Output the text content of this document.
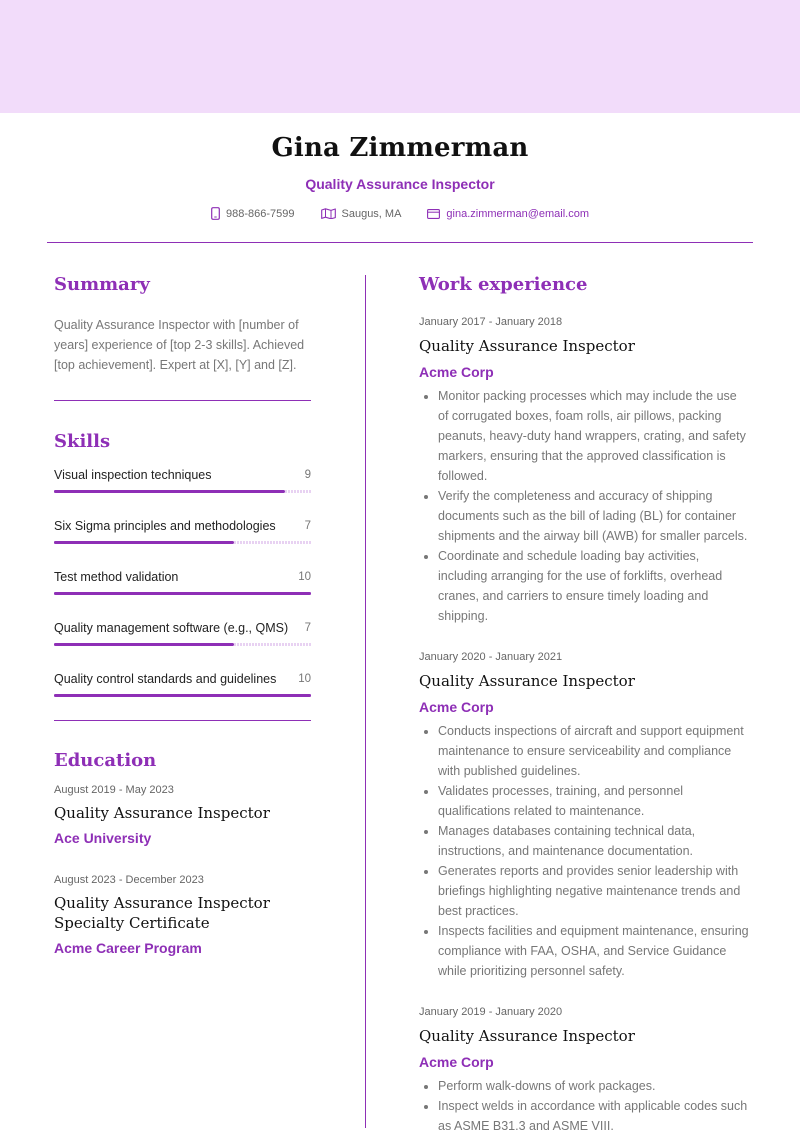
Gina Zimmerman
Quality Assurance Inspector
988-866-7599	Saugus, MA	gina.zimmerman@email.com
Summary
Quality Assurance Inspector with [number of years] experience of [top 2-3 skills]. Achieved [top achievement]. Expert at [X], [Y] and [Z].
Skills
Visual inspection techniques	9
Six Sigma principles and methodologies	7
Test method validation	10
Quality management software (e.g., QMS) 7
Quality control standards and guidelines 10
Education
August 2019 - May 2023
Quality Assurance Inspector
Ace University
August 2023 - December 2023
Quality Assurance Inspector Specialty Certificate
Acme Career Program
Work experience
January 2017 - January 2018
Quality Assurance Inspector
Acme Corp
• Monitor packing processes which may include the use of corrugated boxes, foam rolls, air pillows, packing peanuts, heavy-duty hand wrappers, crating, and safety markers, ensuring that the approved classification is followed.
• Verify the completeness and accuracy of shipping documents such as the bill of lading (BL) for container shipments and the airway bill (AWB) for smaller parcels.
• Coordinate and schedule loading bay activities, including arranging for the use of forklifts, overhead cranes, and carriers to ensure timely loading and shipping.
January 2020 - January 2021
Quality Assurance Inspector
Acme Corp
• Conducts inspections of aircraft and support equipment maintenance to ensure serviceability and compliance with published guidelines.
• Validates processes, training, and personnel qualifications related to maintenance.
• Manages databases containing technical data, instructions, and maintenance documentation.
• Generates reports and provides senior leadership with briefings highlighting negative maintenance trends and best practices.
• Inspects facilities and equipment maintenance, ensuring compliance with FAA, OSHA, and Service Guidance while prioritizing personnel safety.
January 2019 - January 2020
Quality Assurance Inspector
Acme Corp
• Perform walk-downs of work packages.
• Inspect welds in accordance with applicable codes such as ASME B31.3 and ASME VIII.
